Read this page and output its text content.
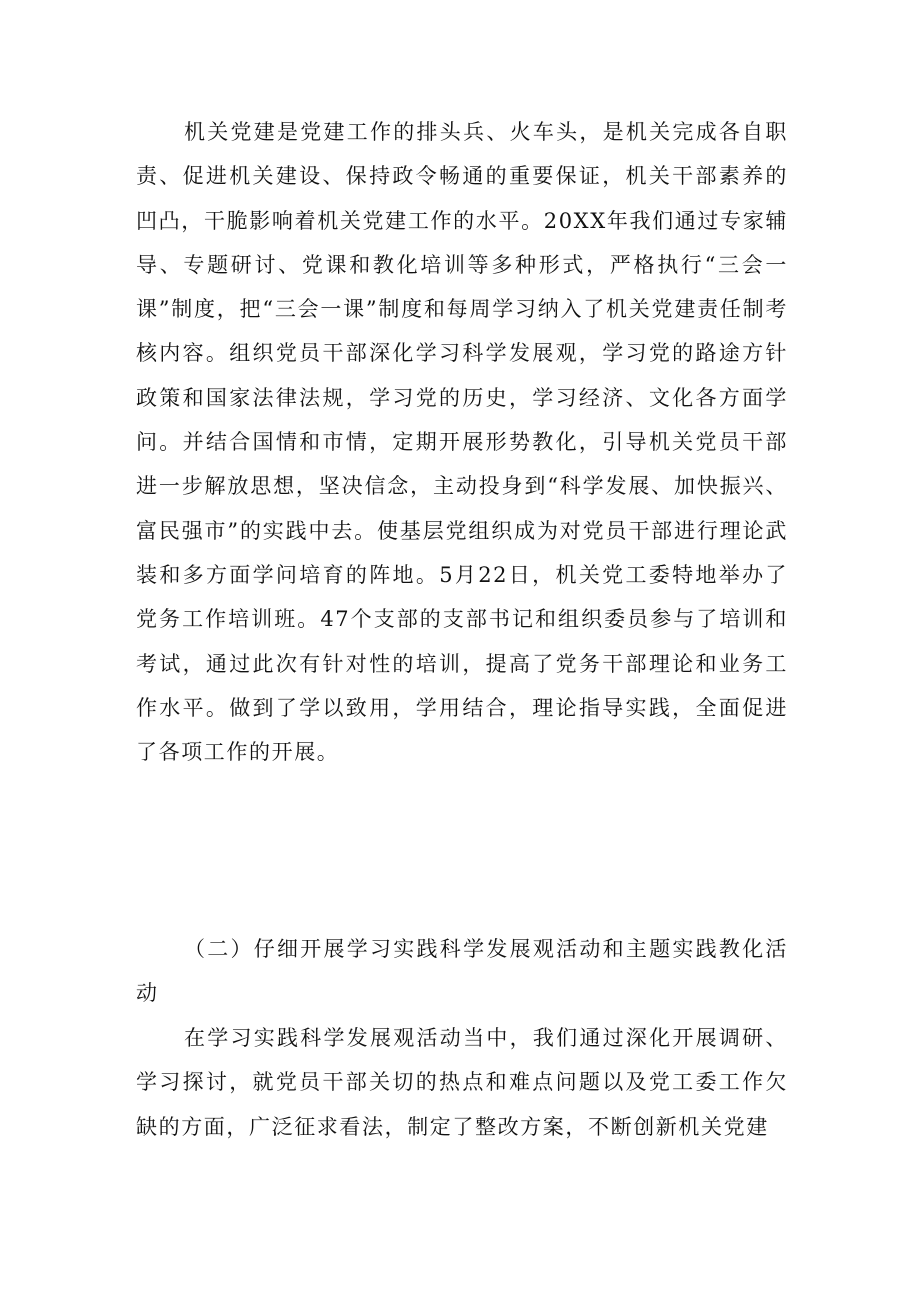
机关党建是党建工作的排头兵、火车头，是机关完成各自职责、促进机关建设、保持政令畅通的重要保证，机关干部素养的凹凸，干脆影响着机关党建工作的水平。20XX年我们通过专家辅导、专题研讨、党课和教化培训等多种形式，严格执行“三会一课”制度，把“三会一课”制度和每周学习纳入了机关党建责任制考核内容。组织党员干部深化学习科学发展观，学习党的路途方针政策和国家法律法规，学习党的历史，学习经济、文化各方面学问。并结合国情和市情，定期开展形势教化，引导机关党员干部进一步解放思想，坚决信念，主动投身到“科学发展、加快振兴、富民强市”的实践中去。使基层党组织成为对党员干部进行理论武装和多方面学问培育的阵地。5月22日，机关党工委特地举办了党务工作培训班。47个支部的支部书记和组织委员参与了培训和考试，通过此次有针对性的培训，提高了党务干部理论和业务工作水平。做到了学以致用，学用结合，理论指导实践，全面促进了各项工作的开展。

（二）仔细开展学习实践科学发展观活动和主题实践教化活动

在学习实践科学发展观活动当中，我们通过深化开展调研、学习探讨，就党员干部关切的热点和难点问题以及党工委工作欠缺的方面，广泛征求看法，制定了整改方案，不断创新机关党建
